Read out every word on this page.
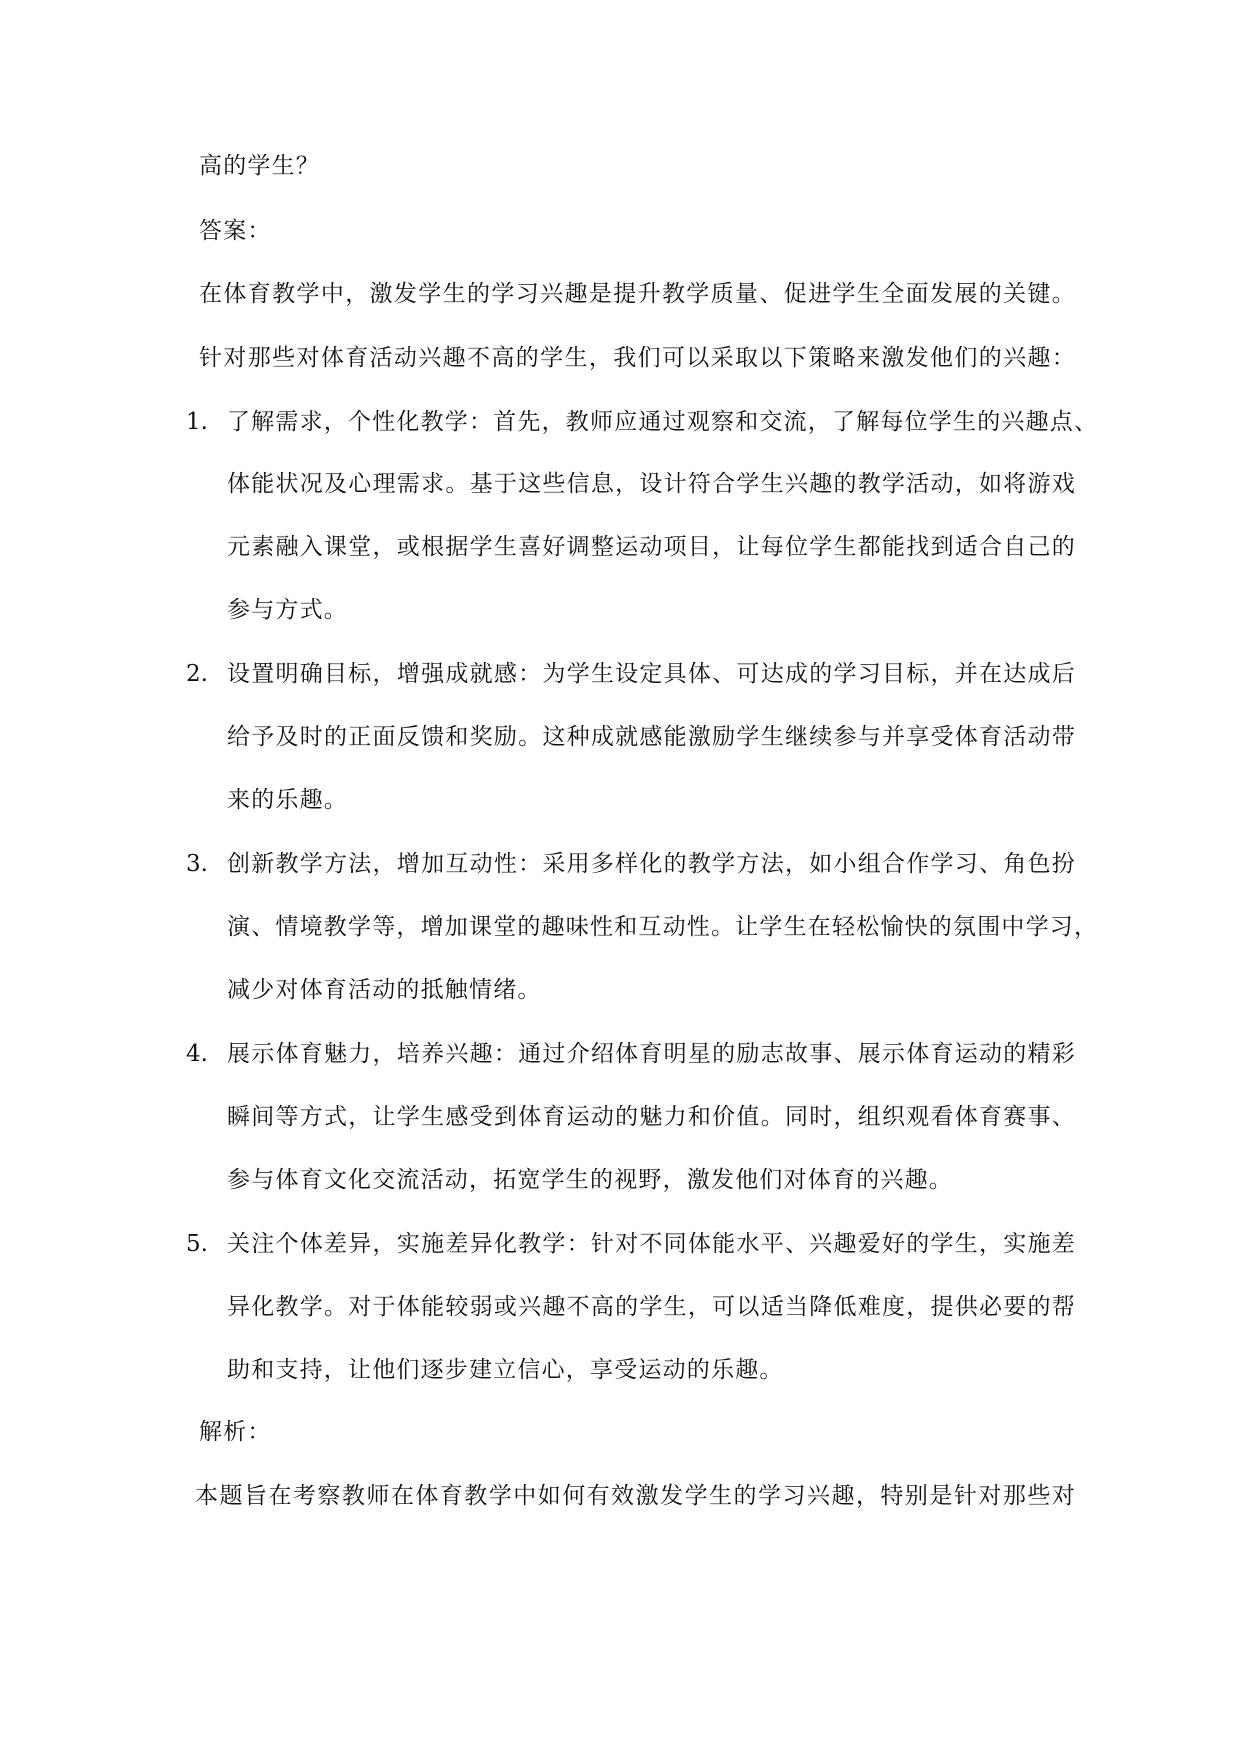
高的学生？
答案：
在体育教学中，激发学生的学习兴趣是提升教学质量、促进学生全面发展的关键。
针对那些对体育活动兴趣不高的学生，我们可以采取以下策略来激发他们的兴趣：
1. 了解需求，个性化教学：首先，教师应通过观察和交流，了解每位学生的兴趣点、
体能状况及心理需求。基于这些信息，设计符合学生兴趣的教学活动，如将游戏
元素融入课堂，或根据学生喜好调整运动项目，让每位学生都能找到适合自己的
参与方式。
2. 设置明确目标，增强成就感：为学生设定具体、可达成的学习目标，并在达成后
给予及时的正面反馈和奖励。这种成就感能激励学生继续参与并享受体育活动带
来的乐趣。
3. 创新教学方法，增加互动性：采用多样化的教学方法，如小组合作学习、角色扮
演、情境教学等，增加课堂的趣味性和互动性。让学生在轻松愉快的氛围中学习，
减少对体育活动的抵触情绪。
4. 展示体育魅力，培养兴趣：通过介绍体育明星的励志故事、展示体育运动的精彩
瞬间等方式，让学生感受到体育运动的魅力和价值。同时，组织观看体育赛事、
参与体育文化交流活动，拓宽学生的视野，激发他们对体育的兴趣。
5. 关注个体差异，实施差异化教学：针对不同体能水平、兴趣爱好的学生，实施差
异化教学。对于体能较弱或兴趣不高的学生，可以适当降低难度，提供必要的帮
助和支持，让他们逐步建立信心，享受运动的乐趣。
解析：
本题旨在考察教师在体育教学中如何有效激发学生的学习兴趣，特别是针对那些对
